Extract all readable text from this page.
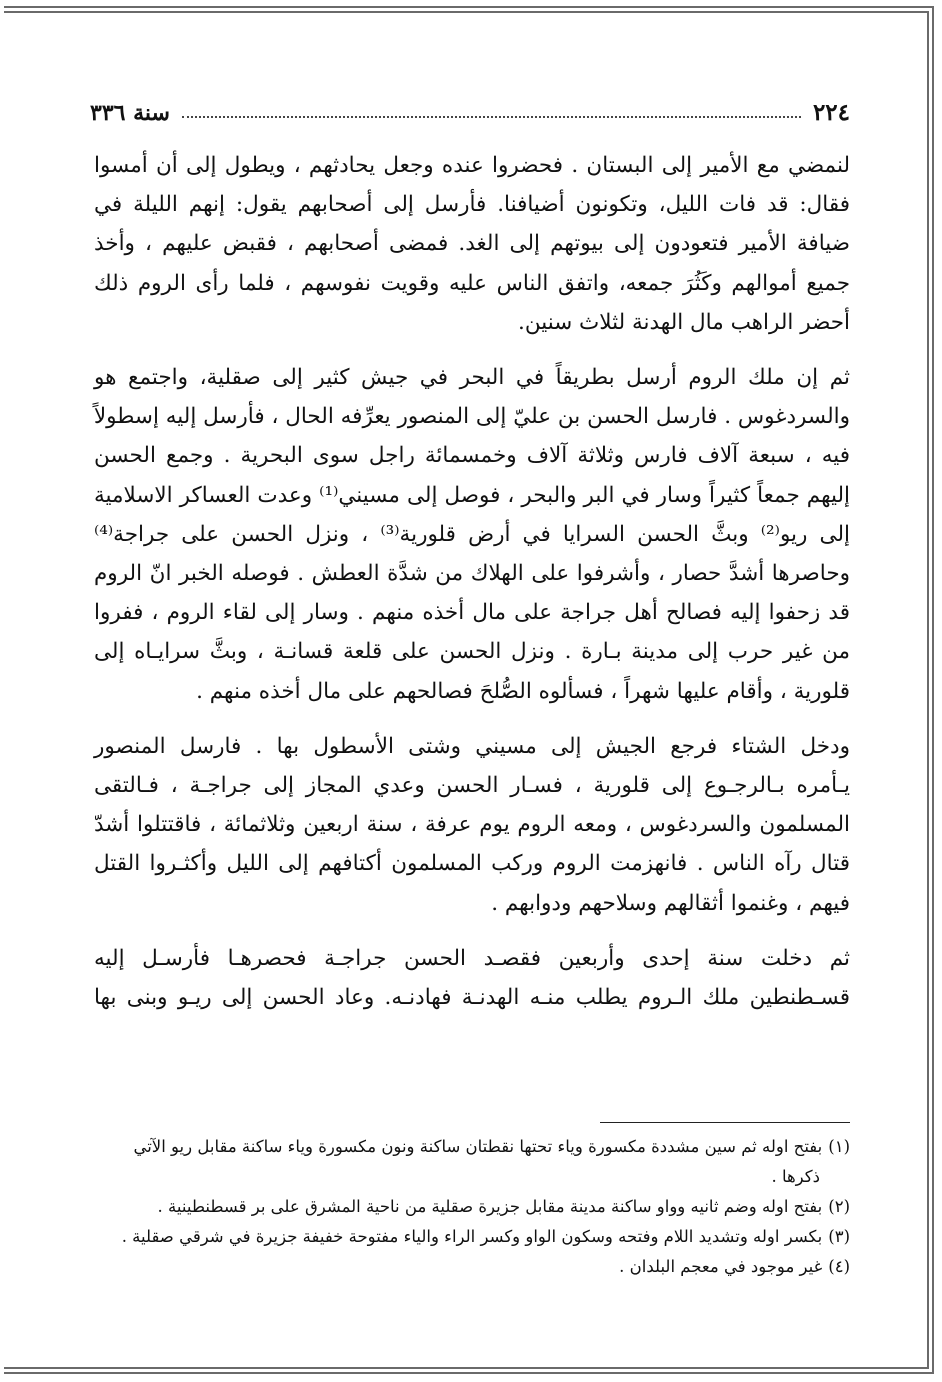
٢٢٤
سنة ٣٣٦
لنمضي مع الأمير إلى البستان . فحضروا عنده وجعل يحادثهم ، ويطول إلى أن أمسوا
فقال: قد فات الليل، وتكونون أضيافنا. فأرسل إلى أصحابهم يقول: إنهم الليلة في
ضيافة الأمير فتعودون إلى بيوتهم إلى الغد. فمضى أصحابهم ، فقبض عليهم ، وأخذ
جميع أموالهم وكَثُرَ جمعه، واتفق الناس عليه وقويت نفوسهم ، فلما رأى الروم ذلك
أحضر الراهب مال الهدنة لثلاث سنين.
ثم إن ملك الروم أرسل بطريقاً في البحر في جيش كثير إلى صقلية، واجتمع هو
والسردغوس . فارسل الحسن بن عليّ إلى المنصور يعرِّفه الحال ، فأرسل إليه إسطولاً
فيه ، سبعة آلاف فارس وثلاثة آلاف وخمسمائة راجل سوى البحرية . وجمع الحسن
إليهم جمعاً كثيراً وسار في البر والبحر ، فوصل إلى مسيني⁽¹⁾ وعدت العساكر الاسلامية
إلى ريو⁽²⁾ وبثَّ الحسن السرايا في أرض قلورية⁽³⁾ ، ونزل الحسن على جراجة⁽⁴⁾
وحاصرها أشدَّ حصار ، وأشرفوا على الهلاك من شدَّة العطش . فوصله الخبر انّ الروم
قد زحفوا إليه فصالح أهل جراجة على مال أخذه منهم . وسار إلى لقاء الروم ، ففروا
من غير حرب إلى مدينة بـارة . ونزل الحسن على قلعة قسانـة ، وبثَّ سرايـاه إلى
قلورية ، وأقام عليها شهراً ، فسألوه الصُّلحَ فصالحهم على مال أخذه منهم .
ودخل الشتاء فرجع الجيش إلى مسيني وشتى الأسطول بها . فارسل المنصور
يـأمره بـالرجـوع إلى قلورية ، فسـار الحسن وعدي المجاز إلى جراجـة ، فـالتقى
المسلمون والسردغوس ، ومعه الروم يوم عرفة ، سنة اربعين وثلاثمائة ، فاقتتلوا أشدّ
قتال رآه الناس . فانهزمت الروم وركب المسلمون أكتافهم إلى الليل وأكثـروا القتل
فيهم ، وغنموا أثقالهم وسلاحهم ودوابهم .
ثم دخلت سنة إحدى وأربعين فقصـد الحسن جراجـة فحصرهـا فأرسـل إليه
قسـطنطين ملك الـروم يطلب منـه الهدنـة فهادنـه. وعاد الحسن إلى ريـو وبنى بها
(١)بفتح اوله ثم سين مشددة مكسورة وياء تحتها نقطتان ساكنة ونون مكسورة وياء ساكنة مقابل ريو الآتي
ذكرها .
(٢)بفتح اوله وضم ثانيه وواو ساكنة مدينة مقابل جزيرة صقلية من ناحية المشرق على بر قسطنطينية .
(٣)بكسر اوله وتشديد اللام وفتحه وسكون الواو وكسر الراء والياء مفتوحة خفيفة جزيرة في شرقي صقلية .
(٤)غير موجود في معجم البلدان .
